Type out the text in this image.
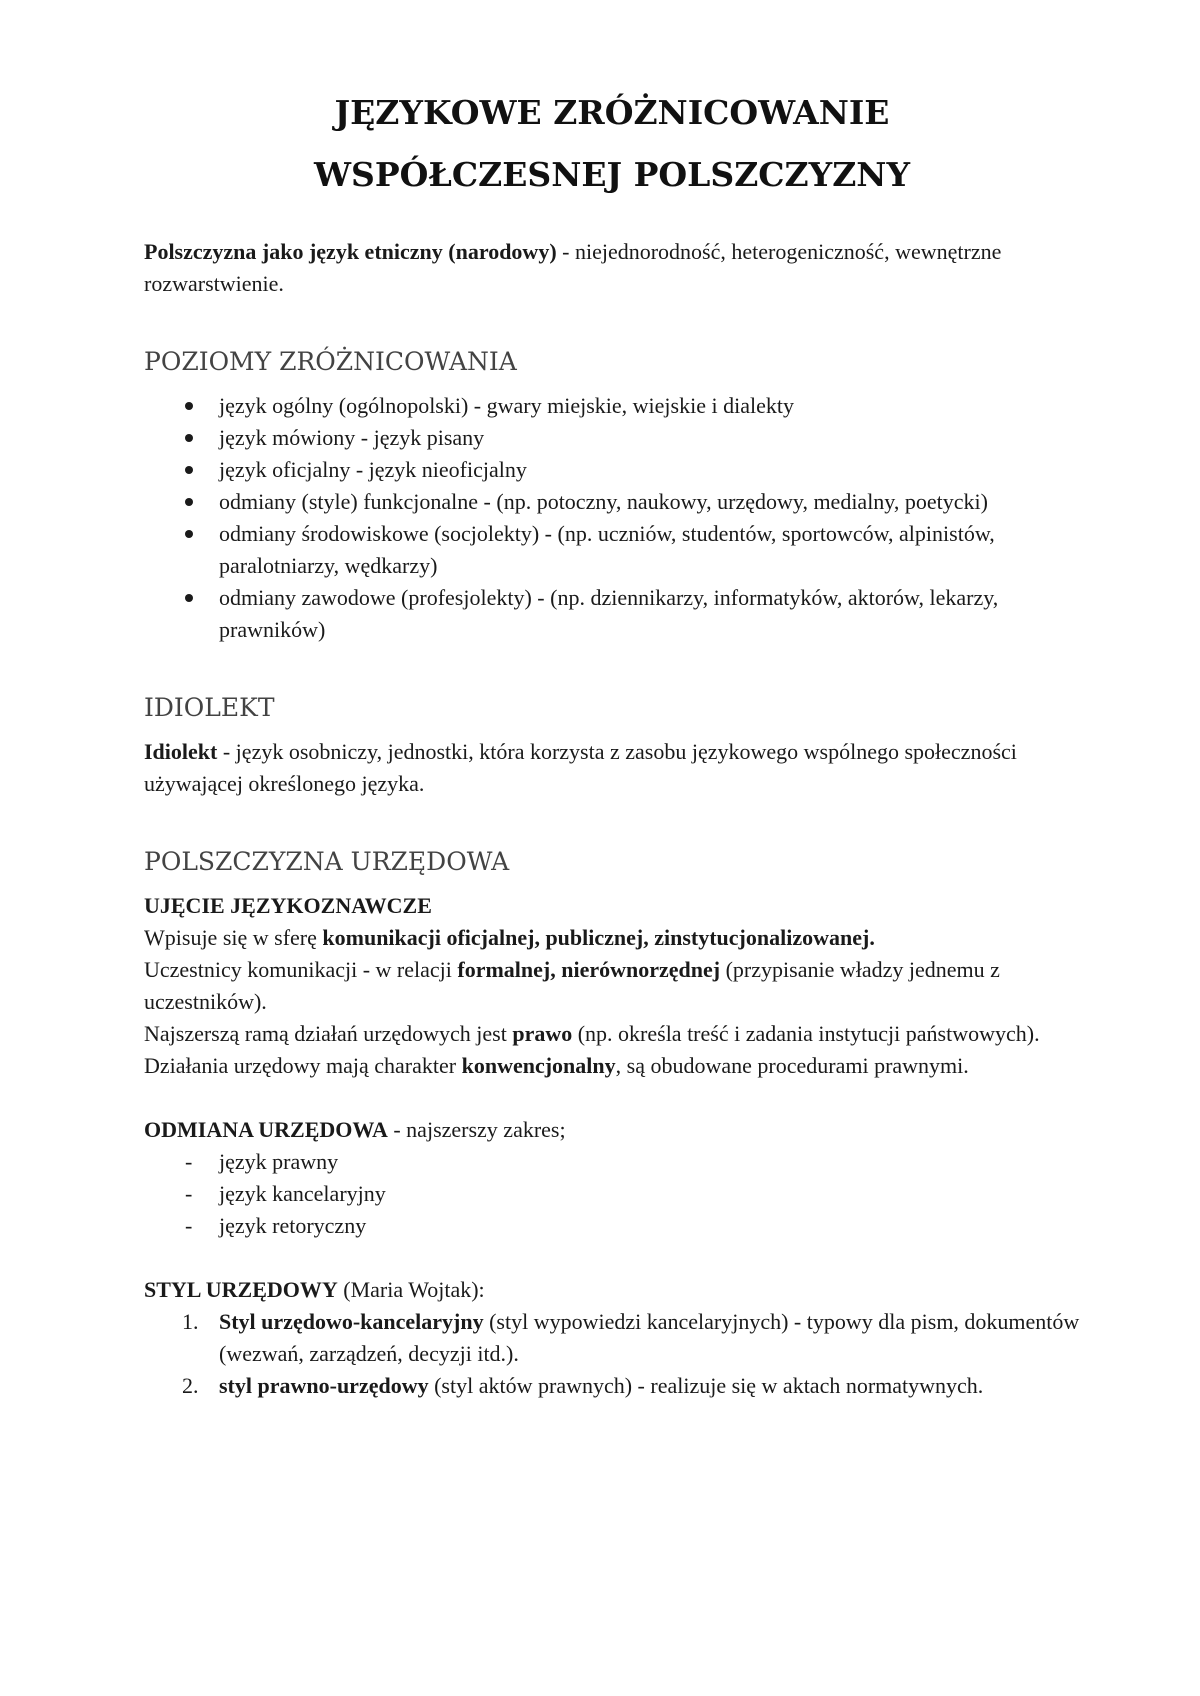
JĘZYKOWE ZRÓŻNICOWANIE
WSPÓŁCZESNEJ POLSZCZYZNY

Polszczyzna jako język etniczny (narodowy) - niejednorodność, heterogeniczność, wewnętrzne rozwarstwienie.

POZIOMY ZRÓŻNICOWANIA
język ogólny (ogólnopolski) - gwary miejskie, wiejskie i dialekty
język mówiony - język pisany
język oficjalny - język nieoficjalny
odmiany (style) funkcjonalne - (np. potoczny, naukowy, urzędowy, medialny, poetycki)
odmiany środowiskowe (socjolekty) - (np. uczniów, studentów, sportowców, alpinistów, paralotniarzy, wędkarzy)
odmiany zawodowe (profesjolekty) - (np. dziennikarzy, informatyków, aktorów, lekarzy, prawników)
IDIOLEKT

Idiolekt - język osobniczy, jednostki, która korzysta z zasobu językowego wspólnego społeczności używającej określonego języka.

POLSZCZYZNA URZĘDOWA

UJĘCIE JĘZYKOZNAWCZE

Wpisuje się w sferę komunikacji oficjalnej, publicznej, zinstytucjonalizowanej.

Uczestnicy komunikacji - w relacji formalnej, nierównorzędnej (przypisanie władzy jednemu z uczestników).

Najszerszą ramą działań urzędowych jest prawo (np. określa treść i zadania instytucji państwowych). Działania urzędowy mają charakter konwencjonalny, są obudowane procedurami prawnymi.

ODMIANA URZĘDOWA - najszerszy zakres;

- język prawny
- język kancelaryjny
- język retoryczny

STYL URZĘDOWY (Maria Wojtak):

1. Styl urzędowo-kancelaryjny (styl wypowiedzi kancelaryjnych) - typowy dla pism, dokumentów (wezwań, zarządzeń, decyzji itd.).
2. styl prawno-urzędowy (styl aktów prawnych) - realizuje się w aktach normatywnych.
